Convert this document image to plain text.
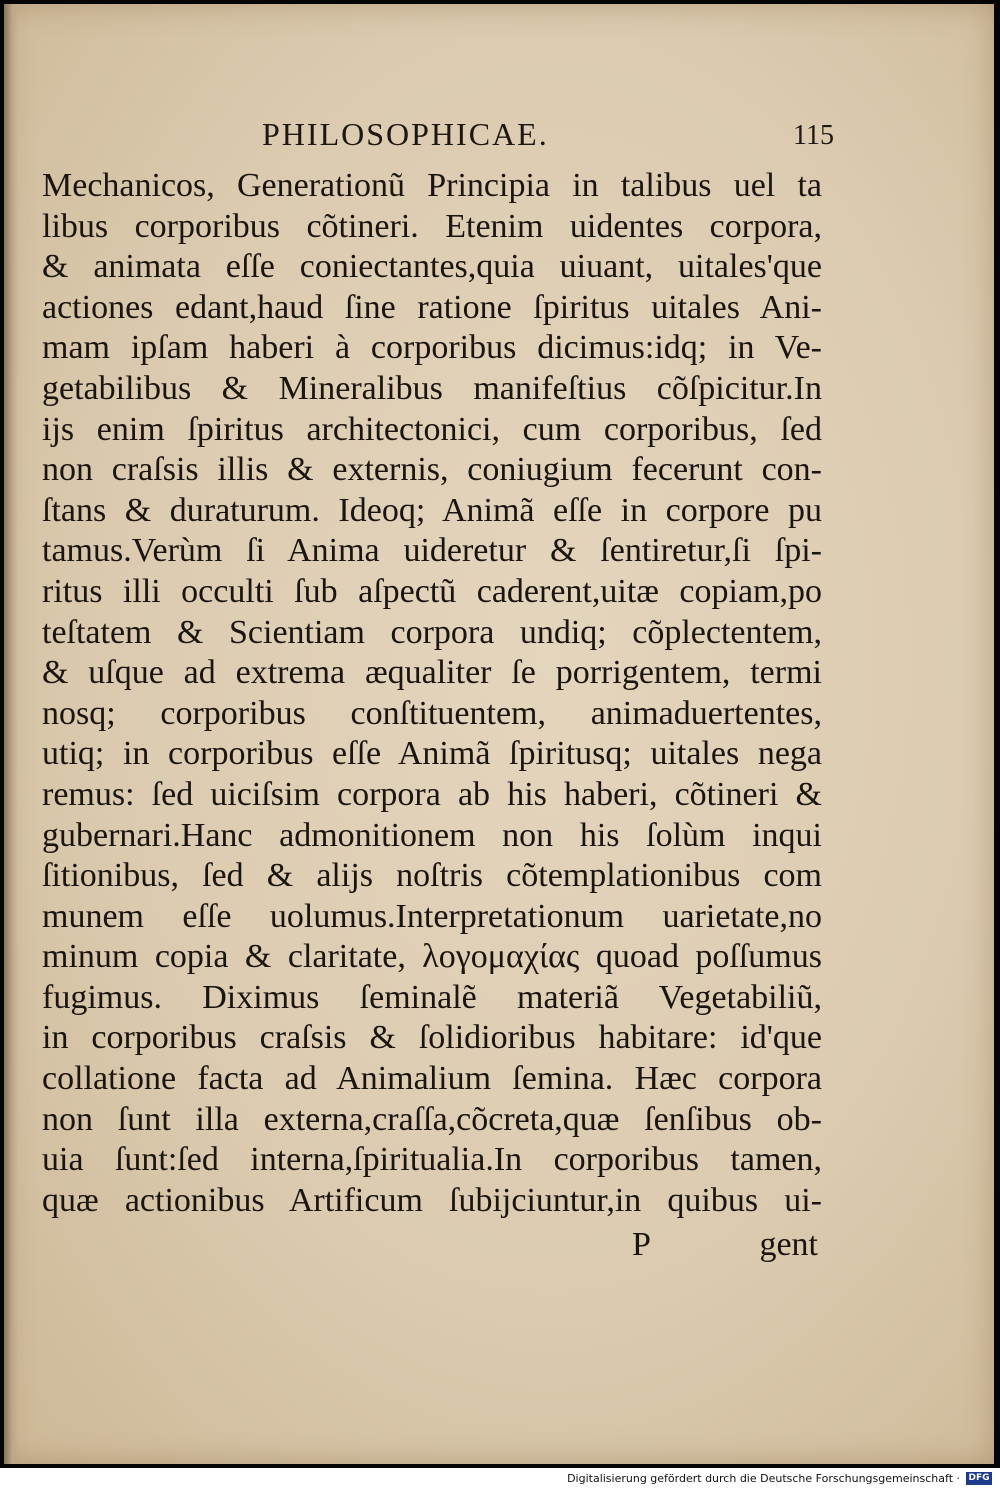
PHILOSOPHICAE.	115
Mechanicos, Generationũ Principia in talibus uel ta
libus corporibus cõtineri. Etenim uidentes corpora,
& animata eſſe coniectantes,quia uiuant, uitales'que
actiones edant,haud ſine ratione ſpiritus uitales Ani-
mam ipſam haberi à corporibus dicimus:idq; in Ve-
getabilibus & Mineralibus manifeſtius cõſpicitur.In
ijs enim ſpiritus architectonici, cum corporibus, ſed
non craſsis illis & externis, coniugium fecerunt con-
ſtans & duraturum. Ideoq; Animã eſſe in corpore pu
tamus.Verùm ſi Anima uideretur & ſentiretur,ſi ſpi-
ritus illi occulti ſub aſpectũ caderent,uitæ copiam,po
teſtatem & Scientiam corpora undiq; cõplectentem,
& uſque ad extrema æqualiter ſe porrigentem, termi
nosq; corporibus conſtituentem, animaduertentes,
utiq; in corporibus eſſe Animã ſpiritusq; uitales nega
remus: ſed uiciſsim corpora ab his haberi, cõtineri &
gubernari.Hanc admonitionem non his ſolùm inqui
ſitionibus, ſed & alijs noſtris cõtemplationibus com
munem eſſe uolumus.Interpretationum uarietate,no
minum copia & claritate, λογομαχίας quoad poſſumus
fugimus. Diximus ſeminalẽ materiã Vegetabiliũ,
in corporibus craſsis & ſolidioribus habitare: id'que
collatione facta ad Animalium ſemina. Hæc corpora
non ſunt illa externa,craſſa,cõcreta,quæ ſenſibus ob-
uia ſunt:ſed interna,ſpiritualia.In corporibus tamen,
quæ actionibus Artificum ſubijciuntur,in quibus ui-
P	gent
Digitalisierung gefördert durch die Deutsche Forschungsgemeinschaft · DFG
